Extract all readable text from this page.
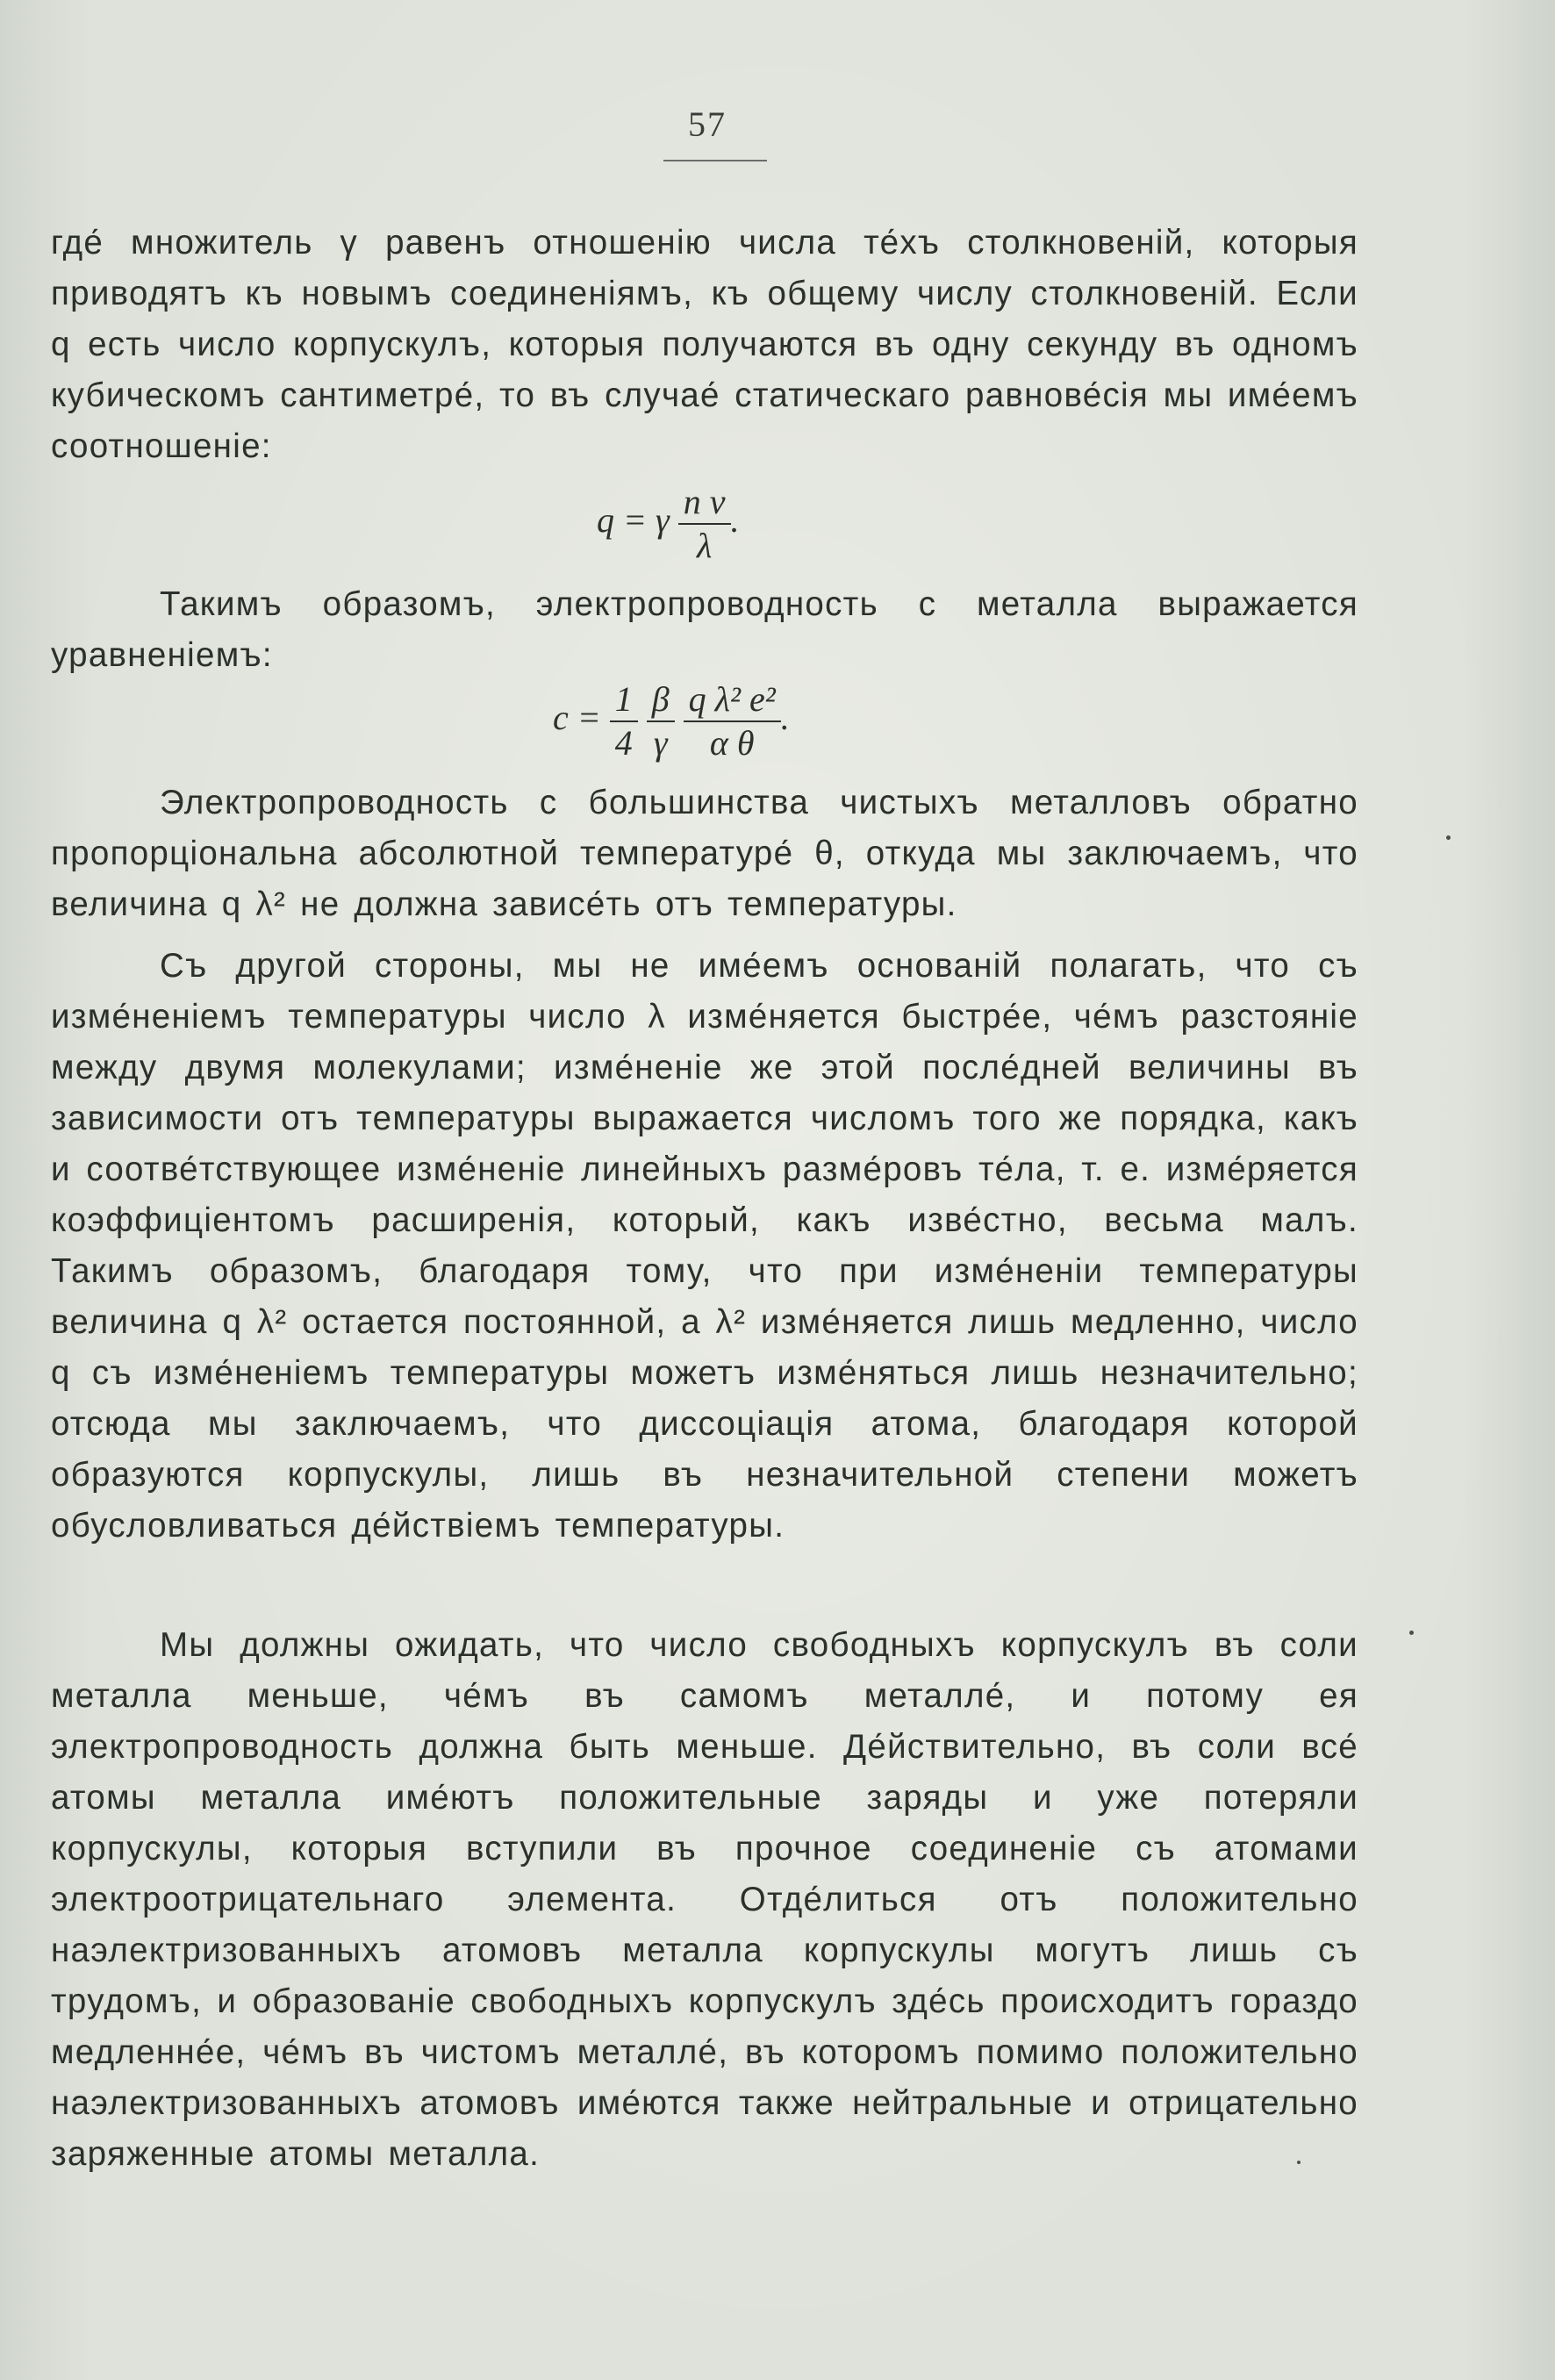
57

где́ множитель γ равенъ отношенію числа те́хъ столкновеній, которыя приводятъ къ новымъ соединеніямъ, къ общему числу столкновеній. Если q есть число корпускулъ, которыя получаются въ одну секунду въ одномъ кубическомъ сантиметре́, то въ случае́ статическаго равнове́сія мы име́емъ соотношеніе:

q = γ $\frac{\text{n v}}{\lambda}$ .

Такимъ образомъ, электропроводность c металла выражается уравненіемъ:

$c = \frac{1}{4}$
$\frac{\beta}{\gamma}$
$\frac{\text{q λ² e²}}{\text{α θ}}$ .

Электропроводность c большинства чистыхъ металловъ обратно пропорціональна абсолютной температуре́ θ, откуда мы заключаемъ, что величина q λ² не должна зависе́ть отъ температуры.

Съ другой стороны, мы не име́емъ основаній полагать, что съ изме́неніемъ температуры число λ изме́няется быстре́е, че́мъ разстояніе между двумя молекулами; изме́неніе же этой после́дней величины въ зависимости отъ температуры выражается числомъ того же порядка, какъ и соотве́тствующее изме́неніе линейныхъ разме́ровъ те́ла, т. е. изме́ряется коэффиціентомъ расширенія, который, какъ изве́стно, весьма малъ. Такимъ образомъ, благодаря тому, что при изме́неніи температуры величина q λ² остается постоянной, а λ² изме́няется лишь медленно, число q съ изме́неніемъ температуры можетъ изме́няться лишь незначительно; отсюда мы заключаемъ, что диссоціація атома, благодаря которой образуются корпускулы, лишь въ незначительной степени можетъ обусловливаться де́йствіемъ температуры.

Мы должны ожидать, что число свободныхъ корпускулъ въ соли металла меньше, че́мъ въ самомъ металле́, и потому ея электропроводность должна быть меньше. Де́йствительно, въ соли все́ атомы металла име́ютъ положительные заряды и уже потеряли корпускулы, которыя вступили въ прочное соединеніе съ атомами электроотрицательнаго элемента. Отде́литься отъ положительно наэлектризованныхъ атомовъ металла корпускулы могутъ лишь съ трудомъ, и образованіе свободныхъ корпускулъ зде́сь происходитъ гораздо медленне́е, че́мъ въ чистомъ металле́, въ которомъ помимо положительно наэлектризованныхъ атомовъ име́ются также нейтральные и отрицательно заряженные атомы металла.
